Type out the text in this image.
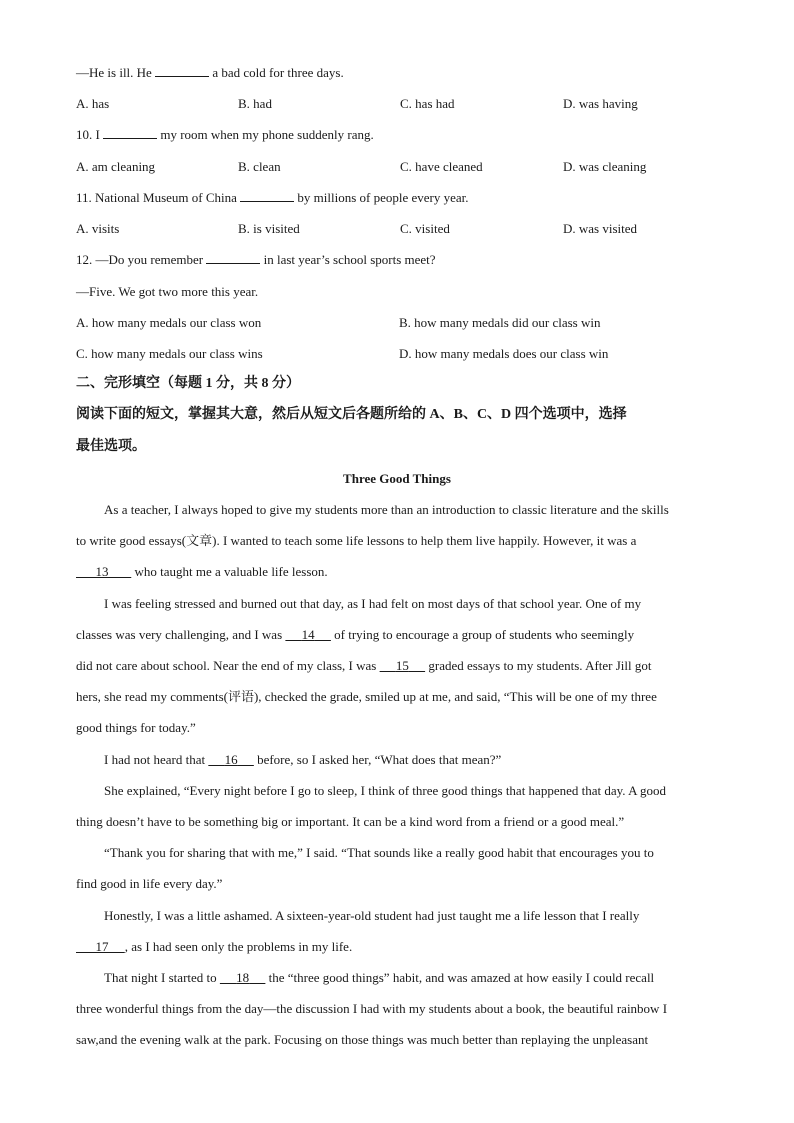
—He is ill. He	a bad cold for three days.
A. has	B. had	C. has had	D. was having
10. I	my room when my phone suddenly rang.
A. am cleaning	B. clean	C. have cleaned	D. was cleaning
11. National Museum of China	by millions of people every year.
A. visits	B. is visited	C. visited	D. was visited
12. —Do you remember	in last year’s school sports meet?
—Five. We got two more this year.
A. how many medals our class won	B. how many medals did our class win
C. how many medals our class wins	D. how many medals does our class win
二、完形填空（每题 1 分，共 8 分）
阅读下面的短文，掌握其大意，然后从短文后各题所给的 A、B、C、D 四个选项中，选择
最佳选项。
Three Good Things
As a teacher, I always hoped to give my students more than an introduction to classic literature and the skills
to write good essays(文章). I wanted to teach some life lessons to help them live happily. However, it was a
13        who taught me a valuable life lesson.
I was feeling stressed and burned out that day, as I had felt on most days of that school year. One of my
classes was very challenging, and I was      14      of trying to encourage a group of students who seemingly
did not care about school. Near the end of my class, I was      15      graded essays to my students. After Jill got
hers, she read my comments(评语), checked the grade, smiled up at me, and said, “This will be one of my three
good things for today.”
I had not heard that      16      before, so I asked her, “What does that mean?”
She explained, “Every night before I go to sleep, I think of three good things that happened that day. A good
thing doesn’t have to be something big or important. It can be a kind word from a friend or a good meal.”
“Thank you for sharing that with me,” I said. “That sounds like a really good habit that encourages you to
find good in life every day.”
Honestly, I was a little ashamed. A sixteen-year-old student had just taught me a life lesson that I really
17 , as I had seen only the problems in my life.
That night I started to      18      the “three good things” habit, and was amazed at how easily I could recall
three wonderful things from the day—the discussion I had with my students about a book, the beautiful rainbow I
saw,and the evening walk at the park. Focusing on those things was much better than replaying the unpleasant
